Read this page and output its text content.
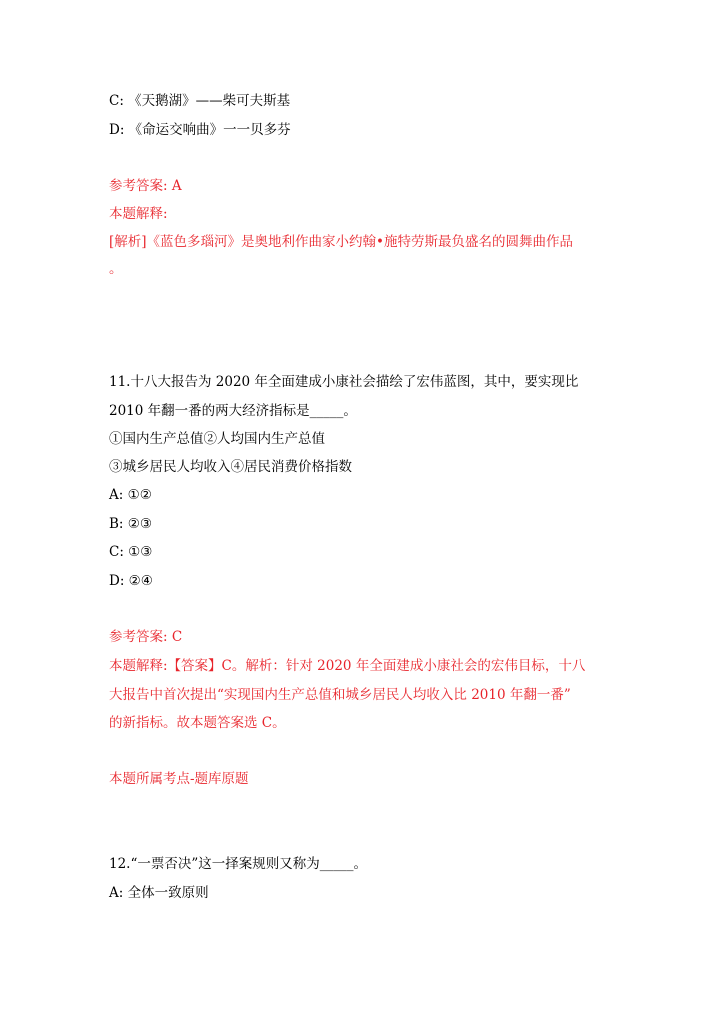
C: 《天鹅湖》——柴可夫斯基
D: 《命运交响曲》一一贝多芬
参考答案: A
本题解释:
[解析]《蓝色多瑙河》是奥地利作曲家小约翰•施特劳斯最负盛名的圆舞曲作品
。
11.十八大报告为 2020 年全面建成小康社会描绘了宏伟蓝图，其中，要实现比
2010 年翻一番的两大经济指标是_____。
①国内生产总值②人均国内生产总值
③城乡居民人均收入④居民消费价格指数
A: ①②
B: ②③
C: ①③
D: ②④
参考答案: C
本题解释:【答案】C。解析：针对 2020 年全面建成小康社会的宏伟目标，十八
大报告中首次提出“实现国内生产总值和城乡居民人均收入比 2010 年翻一番”
的新指标。故本题答案选 C。
本题所属考点-题库原题
12.“一票否决”这一择案规则又称为_____。
A: 全体一致原则
